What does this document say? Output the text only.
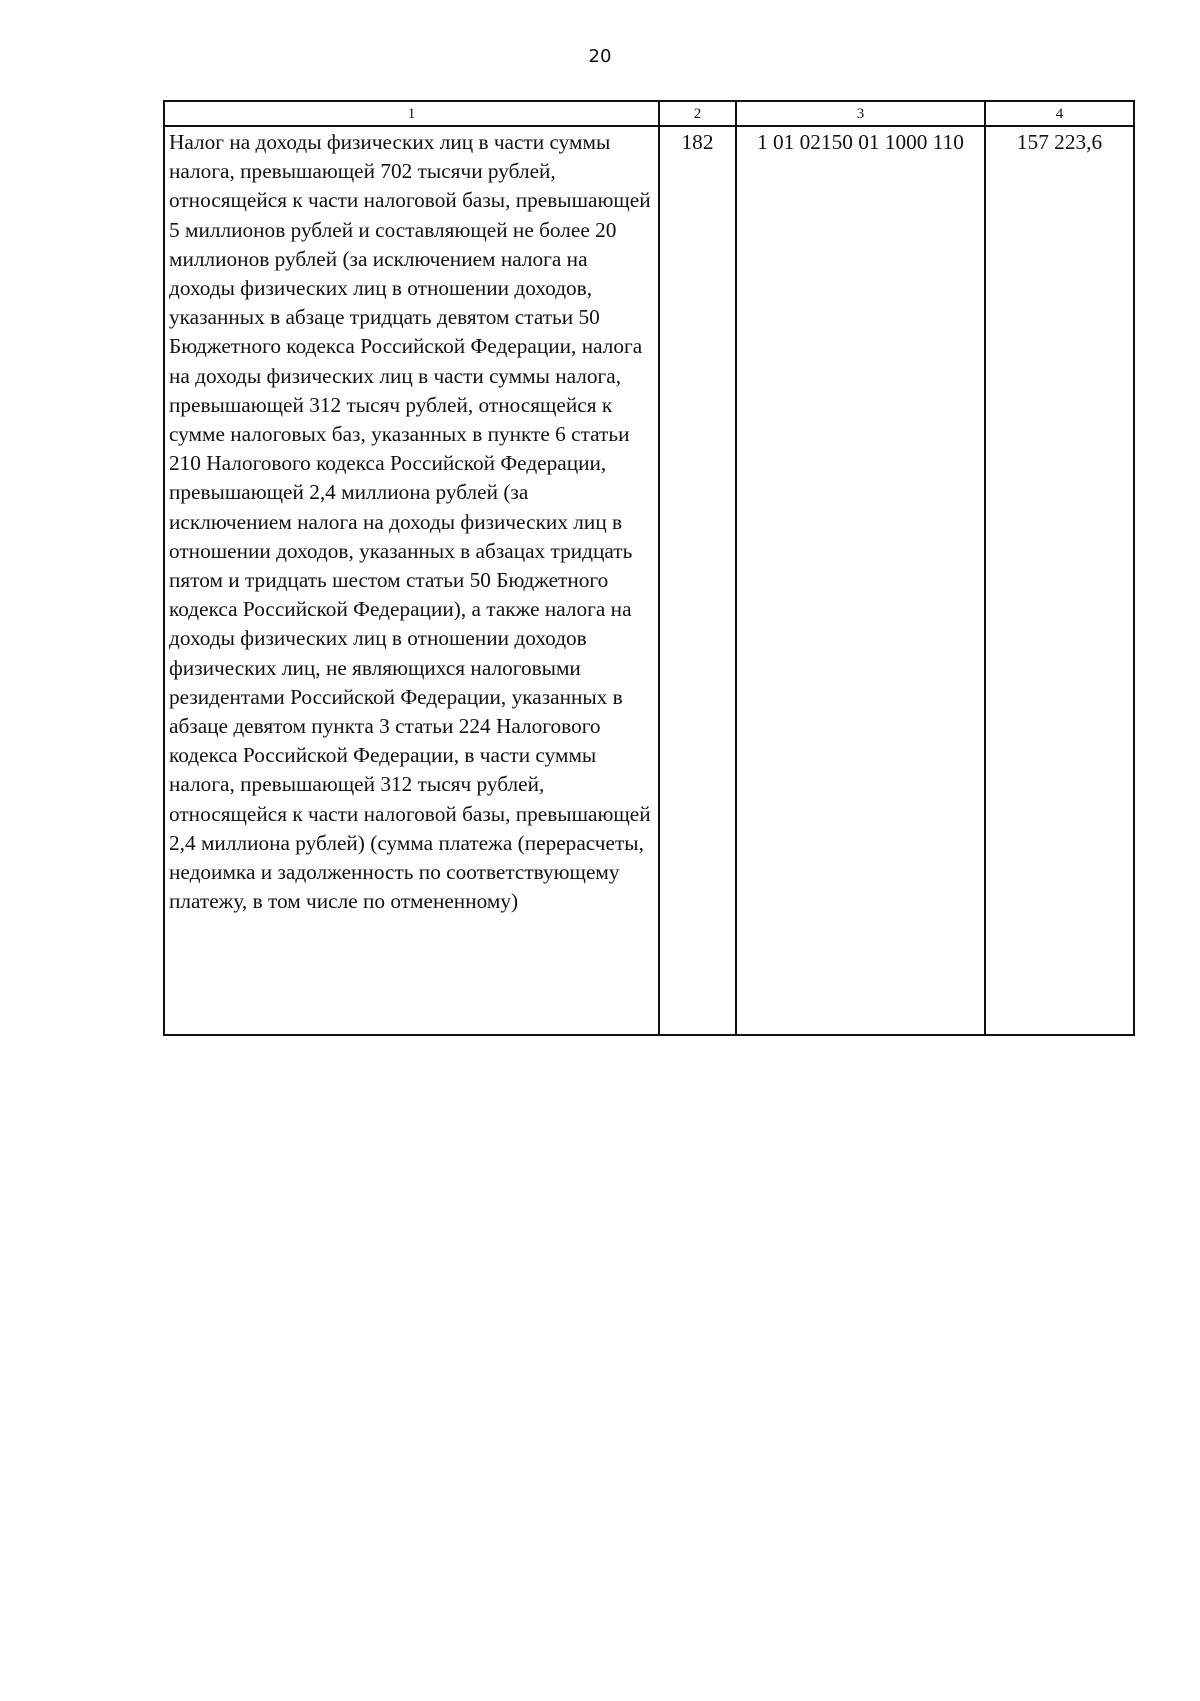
20
1	2	3	4
Налог на доходы физических лиц в части суммы налога, превышающей 702 тысячи рублей, относящейся к части налоговой базы, превышающей 5 миллионов рублей и составляющей не более 20 миллионов рублей (за исключением налога на доходы физических лиц в отношении доходов, указанных в абзаце тридцать девятом статьи 50 Бюджетного кодекса Российской Федерации, налога на доходы физических лиц в части суммы налога, превышающей 312 тысяч рублей, относящейся к сумме налоговых баз, указанных в пункте 6 статьи 210 Налогового кодекса Российской Федерации, превышающей 2,4 миллиона рублей (за исключением налога на доходы физических лиц в отношении доходов, указанных в абзацах тридцать пятом и тридцать шестом статьи 50 Бюджетного кодекса Российской Федерации), а также налога на доходы физических лиц в отношении доходов физических лиц, не являющихся налоговыми резидентами Российской Федерации, указанных в абзаце девятом пункта 3 статьи 224 Налогового кодекса Российской Федерации, в части суммы налога, превышающей 312 тысяч рублей, относящейся к части налоговой базы, превышающей 2,4 миллиона рублей) (сумма платежа (перерасчеты, недоимка и задолженность по соответствующему платежу, в том числе по отмененному)	182	1 01 02150 01 1000 110	157 223,6
